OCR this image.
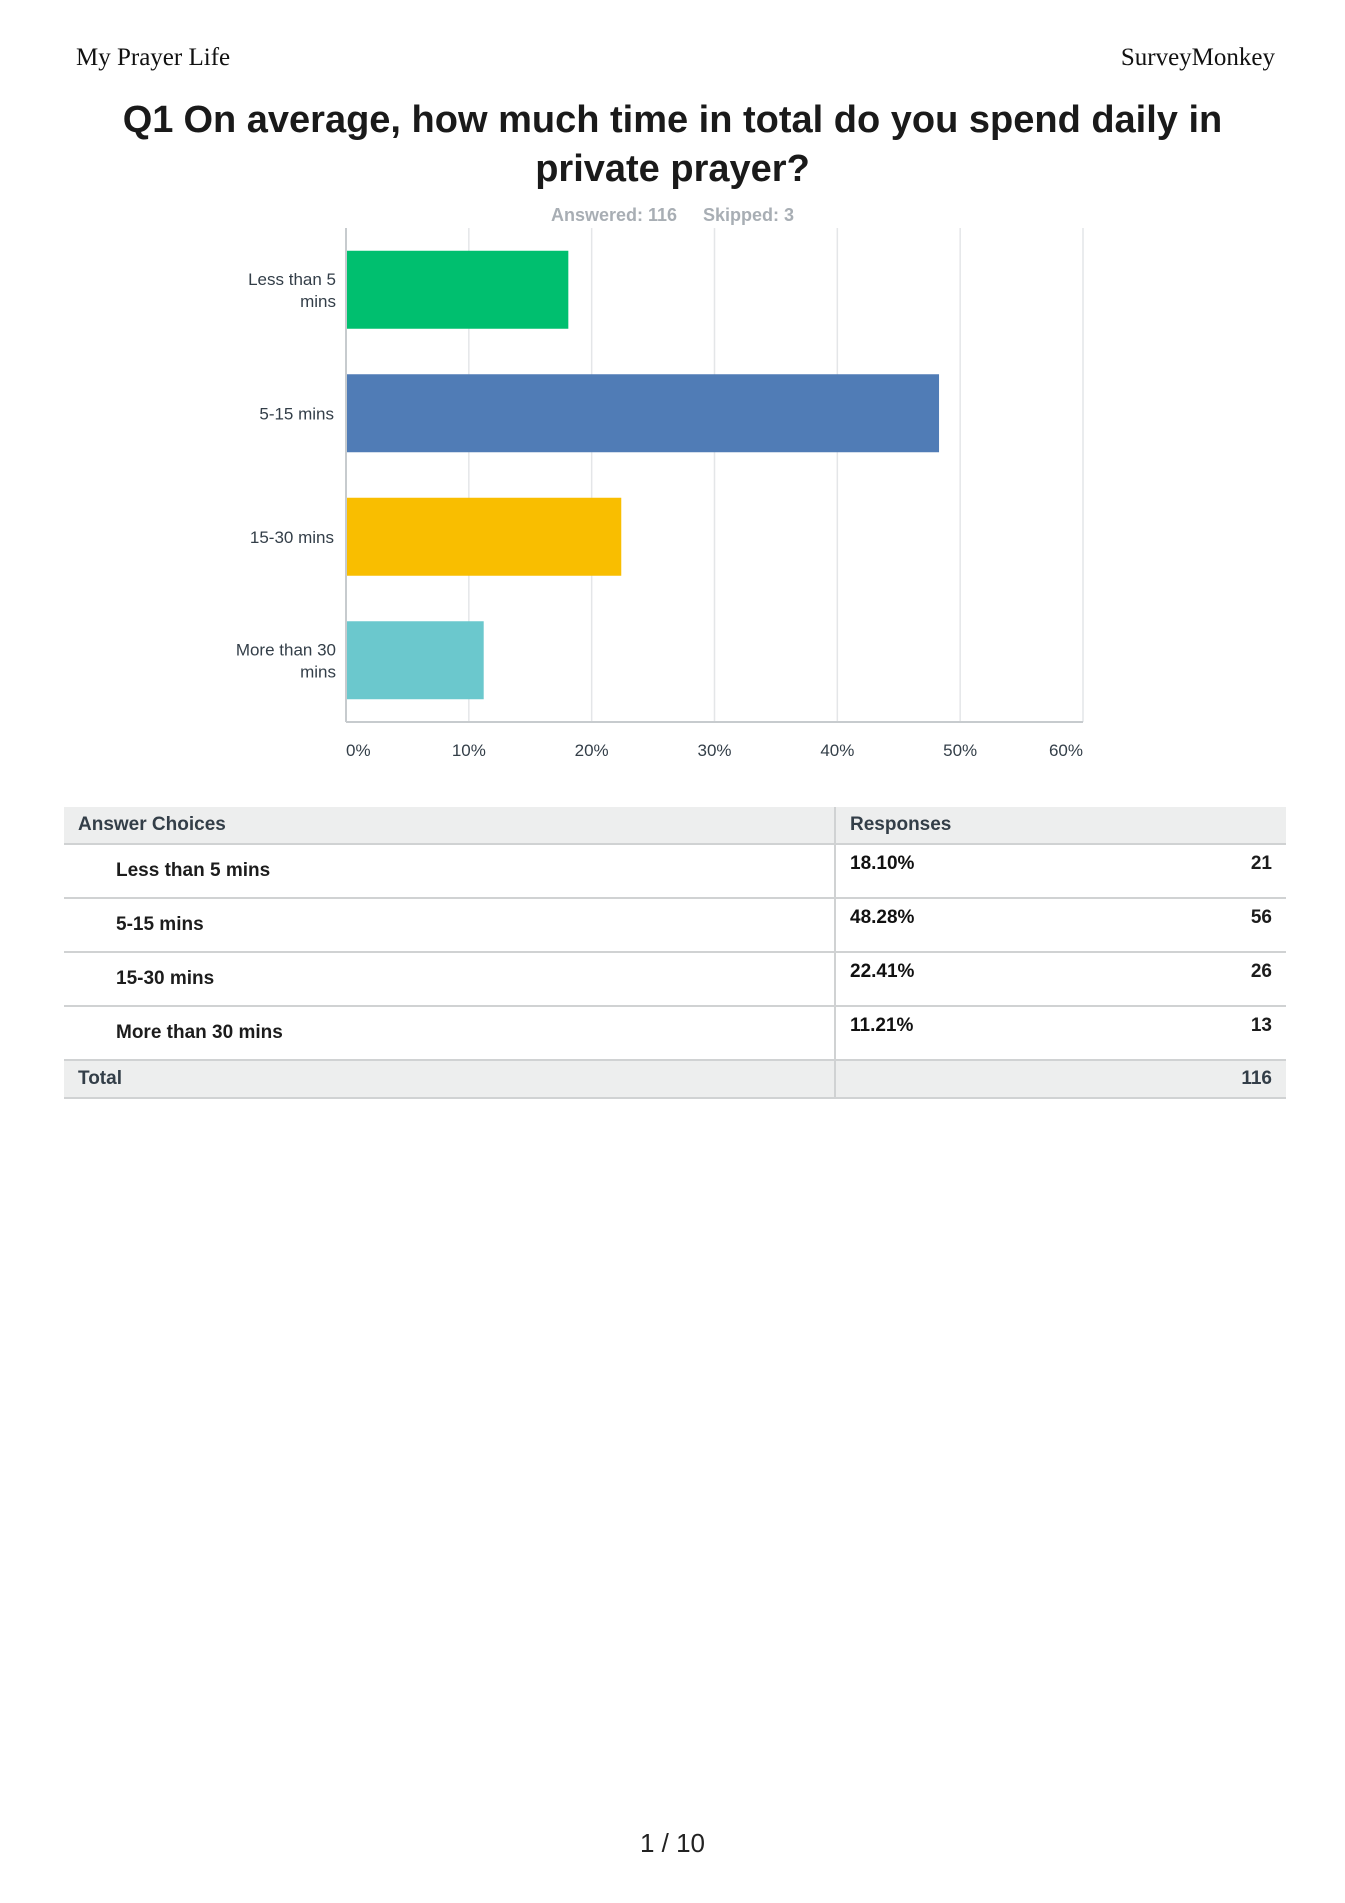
My Prayer Life	SurveyMonkey
Q1 On average, how much time in total do you spend daily in private prayer?
Answered: 116 Skipped: 3
0%	10%	20%	30%	40%	50%	60%
Less than 5
mins
5-15 mins
15-30 mins
More than 30
mins
Answer Choices	Responses	
Less than 5 mins	18.10%	21
5-15 mins	48.28%	56
15-30 mins	22.41%	26
More than 30 mins	11.21%	13
Total		116
1 / 10
